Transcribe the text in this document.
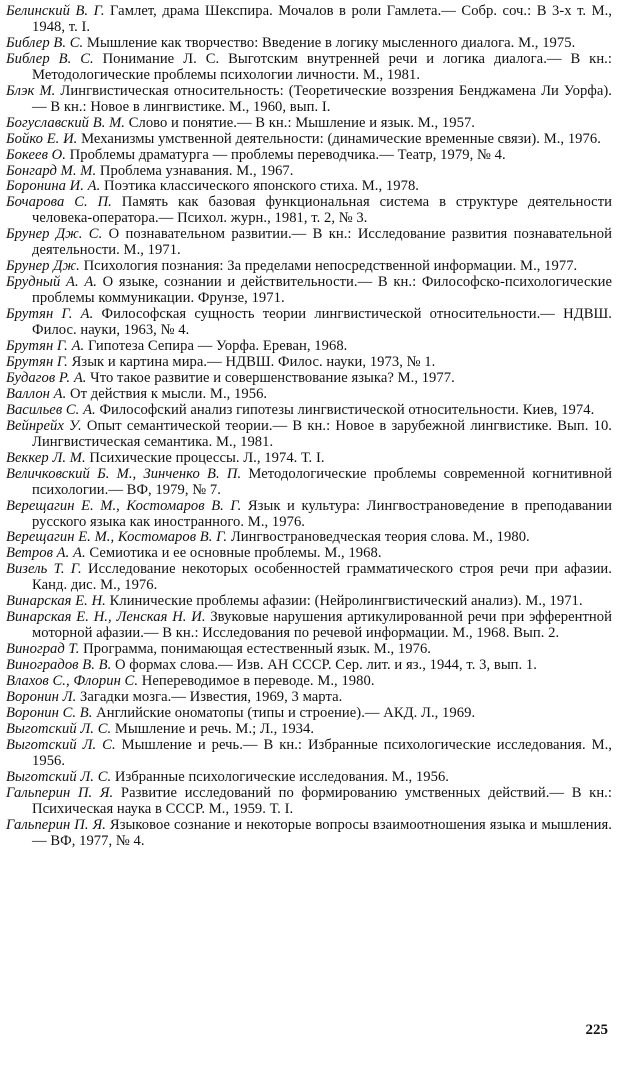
Белинский В. Г. Гамлет, драма Шекспира. Мочалов в роли Гамлета.— Собр. соч.: В 3-х т. М., 1948, т. I.

Библер В. С. Мышление как творчество: Введение в логику мысленного диалога. М., 1975.

Библер В. С. Понимание Л. С. Выготским внутренней речи и логика диалога.— В кн.: Методологические проблемы психологии личности. М., 1981.

Блэк М. Лингвистическая относительность: (Теоретические воззрения Бенджамена Ли Уорфа).— В кн.: Новое в лингвистике. М., 1960, вып. I.

Богуславский В. М. Слово и понятие.— В кн.: Мышление и язык. М., 1957.

Бойко Е. И. Механизмы умственной деятельности: (динамические временные связи). М., 1976.

Бокеев О. Проблемы драматурга — проблемы переводчика.— Театр, 1979, № 4.

Бонгард М. М. Проблема узнавания. М., 1967.

Боронина И. А. Поэтика классического японского стиха. М., 1978.

Бочарова С. П. Память как базовая функциональная система в структуре деятельности человека-оператора.— Психол. журн., 1981, т. 2, № 3.

Брунер Дж. С. О познавательном развитии.— В кн.: Исследование развития познавательной деятельности. М., 1971.

Брунер Дж. Психология познания: За пределами непосредственной информации. М., 1977.

Брудный А. А. О языке, сознании и действительности.— В кн.: Философско-психологические проблемы коммуникации. Фрунзе, 1971.

Брутян Г. А. Философская сущность теории лингвистической относительности.— НДВШ. Филос. науки, 1963, № 4.

Брутян Г. А. Гипотеза Сепира — Уорфа. Ереван, 1968.

Брутян Г. Язык и картина мира.— НДВШ. Филос. науки, 1973, № 1.

Будагов Р. А. Что такое развитие и совершенствование языка? М., 1977.

Валлон А. От действия к мысли. М., 1956.

Васильев С. А. Философский анализ гипотезы лингвистической относительности. Киев, 1974.

Вейнрейх У. Опыт семантической теории.— В кн.: Новое в зарубежной лингвистике. Вып. 10. Лингвистическая семантика. М., 1981.

Веккер Л. М. Психические процессы. Л., 1974. Т. I.

Величковский Б. М., Зинченко В. П. Методологические проблемы современной когнитивной психологии.— ВФ, 1979, № 7.

Верещагин Е. М., Костомаров В. Г. Язык и культура: Лингвострановедение в преподавании русского языка как иностранного. М., 1976.

Верещагин Е. М., Костомаров В. Г. Лингвострановедческая теория слова. М., 1980.

Ветров А. А. Семиотика и ее основные проблемы. М., 1968.

Визель Т. Г. Исследование некоторых особенностей грамматического строя речи при афазии. Канд. дис. М., 1976.

Винарская Е. Н. Клинические проблемы афазии: (Нейролингвистический анализ). М., 1971.

Винарская Е. Н., Ленская Н. И. Звуковые нарушения артикулированной речи при эфферентной моторной афазии.— В кн.: Исследования по речевой информации. М., 1968. Вып. 2.

Виноград Т. Программа, понимающая естественный язык. М., 1976.

Виноградов В. В. О формах слова.— Изв. АН СССР. Сер. лит. и яз., 1944, т. 3, вып. 1.

Влахов С., Флорин С. Непереводимое в переводе. М., 1980.

Воронин Л. Загадки мозга.— Известия, 1969, 3 марта.

Воронин С. В. Английские ономатопы (типы и строение).— АКД. Л., 1969.

Выготский Л. С. Мышление и речь. М.; Л., 1934.

Выготский Л. С. Мышление и речь.— В кн.: Избранные психологические исследования. М., 1956.

Выготский Л. С. Избранные психологические исследования. М., 1956.

Гальперин П. Я. Развитие исследований по формированию умственных действий.— В кн.: Психическая наука в СССР. М., 1959. Т. I.

Гальперин П. Я. Языковое сознание и некоторые вопросы взаимоотношения языка и мышления.— ВФ, 1977, № 4.

225
